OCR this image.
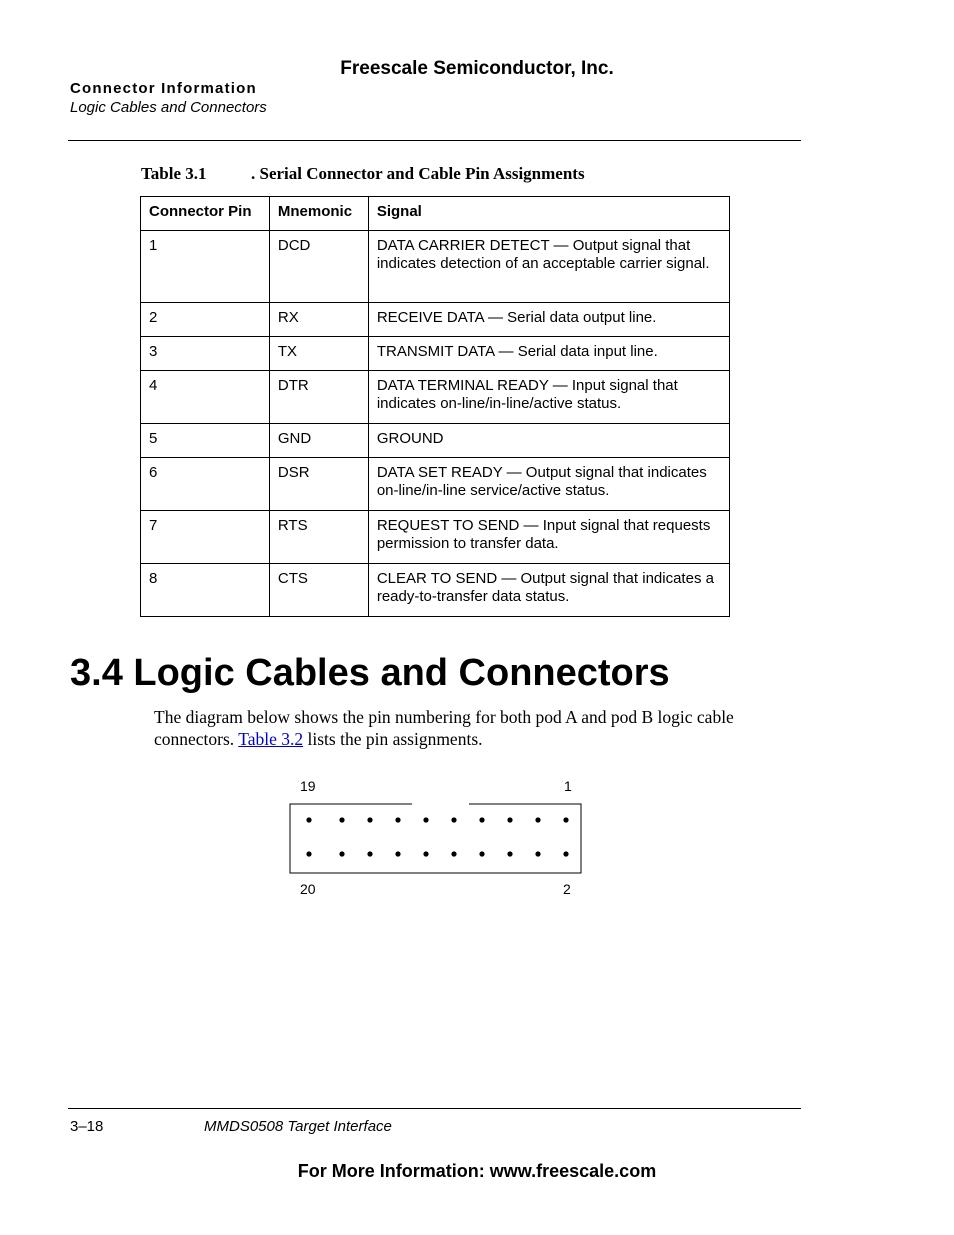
Freescale Semiconductor, Inc.
Connector Information
Logic Cables and Connectors
Table 3.1	. Serial Connector and Cable Pin Assignments
Connector Pin	Mnemonic	Signal
1	DCD	DATA CARRIER DETECT — Output signal that indicates detection of an acceptable carrier signal.
2	RX	RECEIVE DATA — Serial data output line.
3	TX	TRANSMIT DATA — Serial data input line.
4	DTR	DATA TERMINAL READY — Input signal that indicates on-line/in-line/active status.
5	GND	GROUND
6	DSR	DATA SET READY — Output signal that indicates on-line/in-line service/active status.
7	RTS	REQUEST TO SEND — Input signal that requests permission to transfer data.
8	CTS	CLEAR TO SEND — Output signal that indicates a ready-to-transfer data status.
3.4 Logic Cables and Connectors
The diagram below shows the pin numbering for both pod A and pod B logic cable connectors. Table 3.2 lists the pin assignments.
19	1
20	2
3–18	MMDS0508 Target Interface
For More Information: www.freescale.com
